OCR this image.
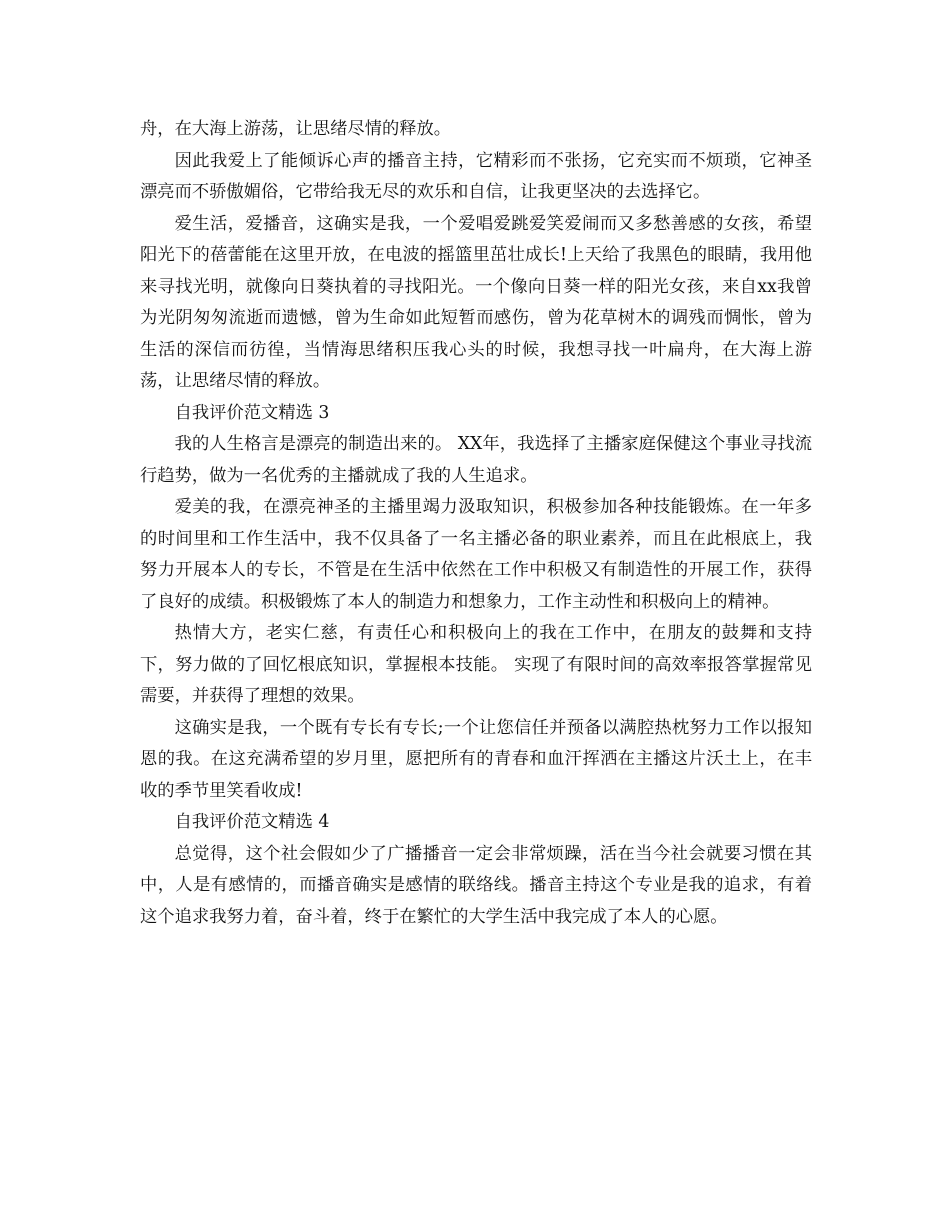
舟，在大海上游荡，让思绪尽情的释放。

因此我爱上了能倾诉心声的播音主持，它精彩而不张扬，它充实而不烦琐，它神圣漂亮而不骄傲媚俗，它带给我无尽的欢乐和自信，让我更坚决的去选择它。

爱生活，爱播音，这确实是我，一个爱唱爱跳爱笑爱闹而又多愁善感的女孩，希望阳光下的蓓蕾能在这里开放，在电波的摇篮里茁壮成长!上天给了我黑色的眼睛，我用他来寻找光明，就像向日葵执着的寻找阳光。一个像向日葵一样的阳光女孩，来自xx我曾为光阴匆匆流逝而遗憾，曾为生命如此短暂而感伤，曾为花草树木的调残而惆怅，曾为生活的深信而彷徨，当情海思绪积压我心头的时候，我想寻找一叶扁舟，在大海上游荡，让思绪尽情的释放。

自我评价范文精选 3

我的人生格言是漂亮的制造出来的。 XX年，我选择了主播家庭保健这个事业寻找流行趋势，做为一名优秀的主播就成了我的人生追求。

爱美的我，在漂亮神圣的主播里竭力汲取知识，积极参加各种技能锻炼。在一年多的时间里和工作生活中，我不仅具备了一名主播必备的职业素养，而且在此根底上，我努力开展本人的专长，不管是在生活中依然在工作中积极又有制造性的开展工作，获得了良好的成绩。积极锻炼了本人的制造力和想象力，工作主动性和积极向上的精神。

热情大方，老实仁慈，有责任心和积极向上的我在工作中，在朋友的鼓舞和支持下，努力做的了回忆根底知识，掌握根本技能。 实现了有限时间的高效率报答掌握常见需要，并获得了理想的效果。

这确实是我，一个既有专长有专长;一个让您信任并预备以满腔热枕努力工作以报知恩的我。在这充满希望的岁月里，愿把所有的青春和血汗挥洒在主播这片沃土上，在丰收的季节里笑看收成!

自我评价范文精选 4

总觉得，这个社会假如少了广播播音一定会非常烦躁，活在当今社会就要习惯在其中，人是有感情的，而播音确实是感情的联络线。播音主持这个专业是我的追求，有着这个追求我努力着，奋斗着，终于在繁忙的大学生活中我完成了本人的心愿。
